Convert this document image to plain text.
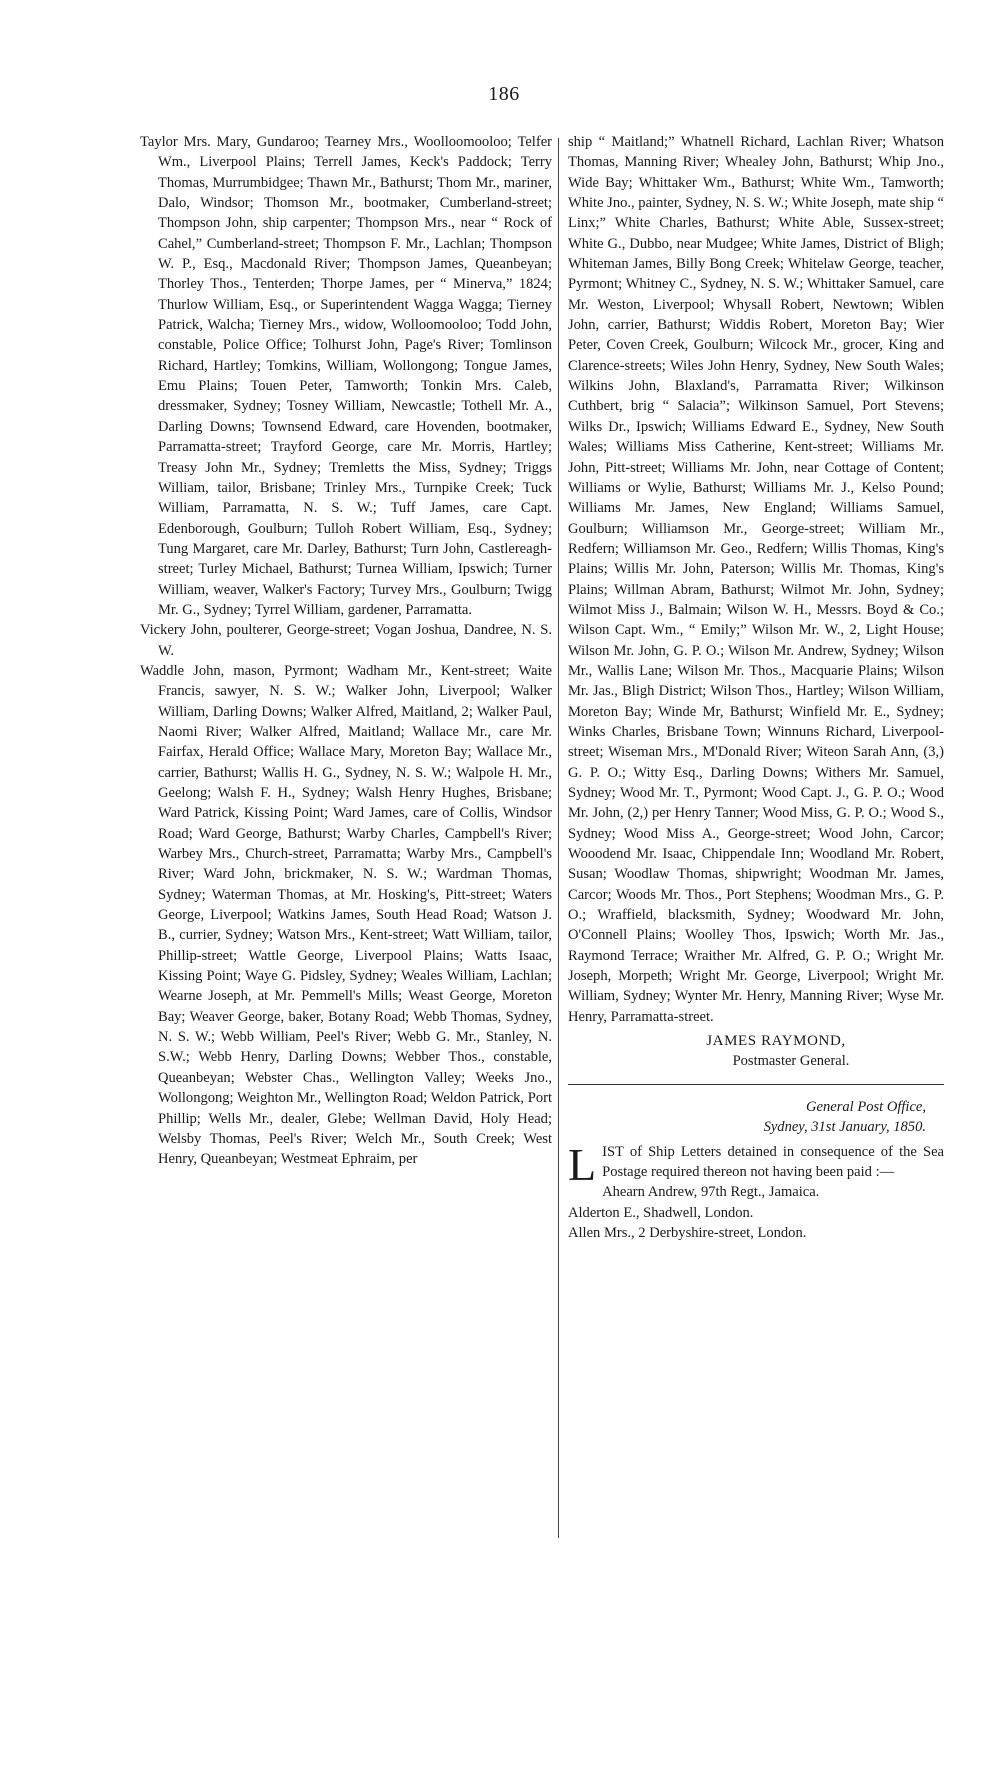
186

Taylor Mrs. Mary, Gundaroo; Tearney Mrs., Woolloomooloo; Telfer Wm., Liverpool Plains; Terrell James, Keck's Paddock; Terry Thomas, Murrumbidgee; Thawn Mr., Bathurst; Thom Mr., mariner, Dalo, Windsor; Thomson Mr., bootmaker, Cumberland-street; Thompson John, ship carpenter; Thompson Mrs., near “ Rock of Cahel,” Cumberland-street; Thompson F. Mr., Lachlan; Thompson W. P., Esq., Macdonald River; Thompson James, Queanbeyan; Thorley Thos., Tenterden; Thorpe James, per “ Minerva,” 1824; Thurlow William, Esq., or Superintendent Wagga Wagga; Tierney Patrick, Walcha; Tierney Mrs., widow, Wolloomooloo; Todd John, constable, Police Office; Tolhurst John, Page's River; Tomlinson Richard, Hartley; Tomkins, William, Wollongong; Tongue James, Emu Plains; Touen Peter, Tamworth; Tonkin Mrs. Caleb, dressmaker, Sydney; Tosney William, Newcastle; Tothell Mr. A., Darling Downs; Townsend Edward, care Hovenden, bootmaker, Parramatta-street; Trayford George, care Mr. Morris, Hartley; Treasy John Mr., Sydney; Tremletts the Miss, Sydney; Triggs William, tailor, Brisbane; Trinley Mrs., Turnpike Creek; Tuck William, Parramatta, N. S. W.; Tuff James, care Capt. Edenborough, Goulburn; Tulloh Robert William, Esq., Sydney; Tung Margaret, care Mr. Darley, Bathurst; Turn John, Castlereagh-street; Turley Michael, Bathurst; Turnea William, Ipswich; Turner William, weaver, Walker's Factory; Turvey Mrs., Goulburn; Twigg Mr. G., Sydney; Tyrrel William, gardener, Parramatta.

Vickery John, poulterer, George-street; Vogan Joshua, Dandree, N. S. W.

Waddle John, mason, Pyrmont; Wadham Mr., Kent-street; Waite Francis, sawyer, N. S. W.; Walker John, Liverpool; Walker William, Darling Downs; Walker Alfred, Maitland, 2; Walker Paul, Naomi River; Walker Alfred, Maitland; Wallace Mr., care Mr. Fairfax, Herald Office; Wallace Mary, Moreton Bay; Wallace Mr., carrier, Bathurst; Wallis H. G., Sydney, N. S. W.; Walpole H. Mr., Geelong; Walsh F. H., Sydney; Walsh Henry Hughes, Brisbane; Ward Patrick, Kissing Point; Ward James, care of Collis, Windsor Road; Ward George, Bathurst; Warby Charles, Campbell's River; Warbey Mrs., Church-street, Parramatta; Warby Mrs., Campbell's River; Ward John, brickmaker, N. S. W.; Wardman Thomas, Sydney; Waterman Thomas, at Mr. Hosking's, Pitt-street; Waters George, Liverpool; Watkins James, South Head Road; Watson J. B., currier, Sydney; Watson Mrs., Kent-street; Watt William, tailor, Phillip-street; Wattle George, Liverpool Plains; Watts Isaac, Kissing Point; Waye G. Pidsley, Sydney; Weales William, Lachlan; Wearne Joseph, at Mr. Pemmell's Mills; Weast George, Moreton Bay; Weaver George, baker, Botany Road; Webb Thomas, Sydney, N. S. W.; Webb William, Peel's River; Webb G. Mr., Stanley, N. S.W.; Webb Henry, Darling Downs; Webber Thos., constable, Queanbeyan; Webster Chas., Wellington Valley; Weeks Jno., Wollongong; Weighton Mr., Wellington Road; Weldon Patrick, Port Phillip; Wells Mr., dealer, Glebe; Wellman David, Holy Head; Welsby Thomas, Peel's River; Welch Mr., South Creek; West Henry, Queanbeyan; Westmeat Ephraim, per

ship “ Maitland;” Whatnell Richard, Lachlan River; Whatson Thomas, Manning River; Whealey John, Bathurst; Whip Jno., Wide Bay; Whittaker Wm., Bathurst; White Wm., Tamworth; White Jno., painter, Sydney, N. S. W.; White Joseph, mate ship “ Linx;” White Charles, Bathurst; White Able, Sussex-street; White G., Dubbo, near Mudgee; White James, District of Bligh; Whiteman James, Billy Bong Creek; Whitelaw George, teacher, Pyrmont; Whitney C., Sydney, N. S. W.; Whittaker Samuel, care Mr. Weston, Liverpool; Whysall Robert, Newtown; Wiblen John, carrier, Bathurst; Widdis Robert, Moreton Bay; Wier Peter, Coven Creek, Goulburn; Wilcock Mr., grocer, King and Clarence-streets; Wiles John Henry, Sydney, New South Wales; Wilkins John, Blaxland's, Parramatta River; Wilkinson Cuthbert, brig “ Salacia”; Wilkinson Samuel, Port Stevens; Wilks Dr., Ipswich; Williams Edward E., Sydney, New South Wales; Williams Miss Catherine, Kent-street; Williams Mr. John, Pitt-street; Williams Mr. John, near Cottage of Content; Williams or Wylie, Bathurst; Williams Mr. J., Kelso Pound; Williams Mr. James, New England; Williams Samuel, Goulburn; Williamson Mr., George-street; William Mr., Redfern; Williamson Mr. Geo., Redfern; Willis Thomas, King's Plains; Willis Mr. John, Paterson; Willis Mr. Thomas, King's Plains; Willman Abram, Bathurst; Wilmot Mr. John, Sydney; Wilmot Miss J., Balmain; Wilson W. H., Messrs. Boyd & Co.; Wilson Capt. Wm., “ Emily;” Wilson Mr. W., 2, Light House; Wilson Mr. John, G. P. O.; Wilson Mr. Andrew, Sydney; Wilson Mr., Wallis Lane; Wilson Mr. Thos., Macquarie Plains; Wilson Mr. Jas., Bligh District; Wilson Thos., Hartley; Wilson William, Moreton Bay; Winde Mr, Bathurst; Winfield Mr. E., Sydney; Winks Charles, Brisbane Town; Winnuns Richard, Liverpool-street; Wiseman Mrs., M'Donald River; Witeon Sarah Ann, (3,) G. P. O.; Witty Esq., Darling Downs; Withers Mr. Samuel, Sydney; Wood Mr. T., Pyrmont; Wood Capt. J., G. P. O.; Wood Mr. John, (2,) per Henry Tanner; Wood Miss, G. P. O.; Wood S., Sydney; Wood Miss A., George-street; Wood John, Carcor; Wooodend Mr. Isaac, Chippendale Inn; Woodland Mr. Robert, Susan; Woodlaw Thomas, shipwright; Woodman Mr. James, Carcor; Woods Mr. Thos., Port Stephens; Woodman Mrs., G. P. O.; Wraffield, blacksmith, Sydney; Woodward Mr. John, O'Connell Plains; Woolley Thos, Ipswich; Worth Mr. Jas., Raymond Terrace; Wraither Mr. Alfred, G. P. O.; Wright Mr. Joseph, Morpeth; Wright Mr. George, Liverpool; Wright Mr. William, Sydney; Wynter Mr. Henry, Manning River; Wyse Mr. Henry, Parramatta-street.

JAMES RAYMOND,
Postmaster General.
General Post Office,
Sydney, 31st January, 1850.

LIST of Ship Letters detained in consequence of the Sea Postage required thereon not having been paid :—

Ahearn Andrew, 97th Regt., Jamaica.

Alderton E., Shadwell, London.

Allen Mrs., 2 Derbyshire-street, London.
